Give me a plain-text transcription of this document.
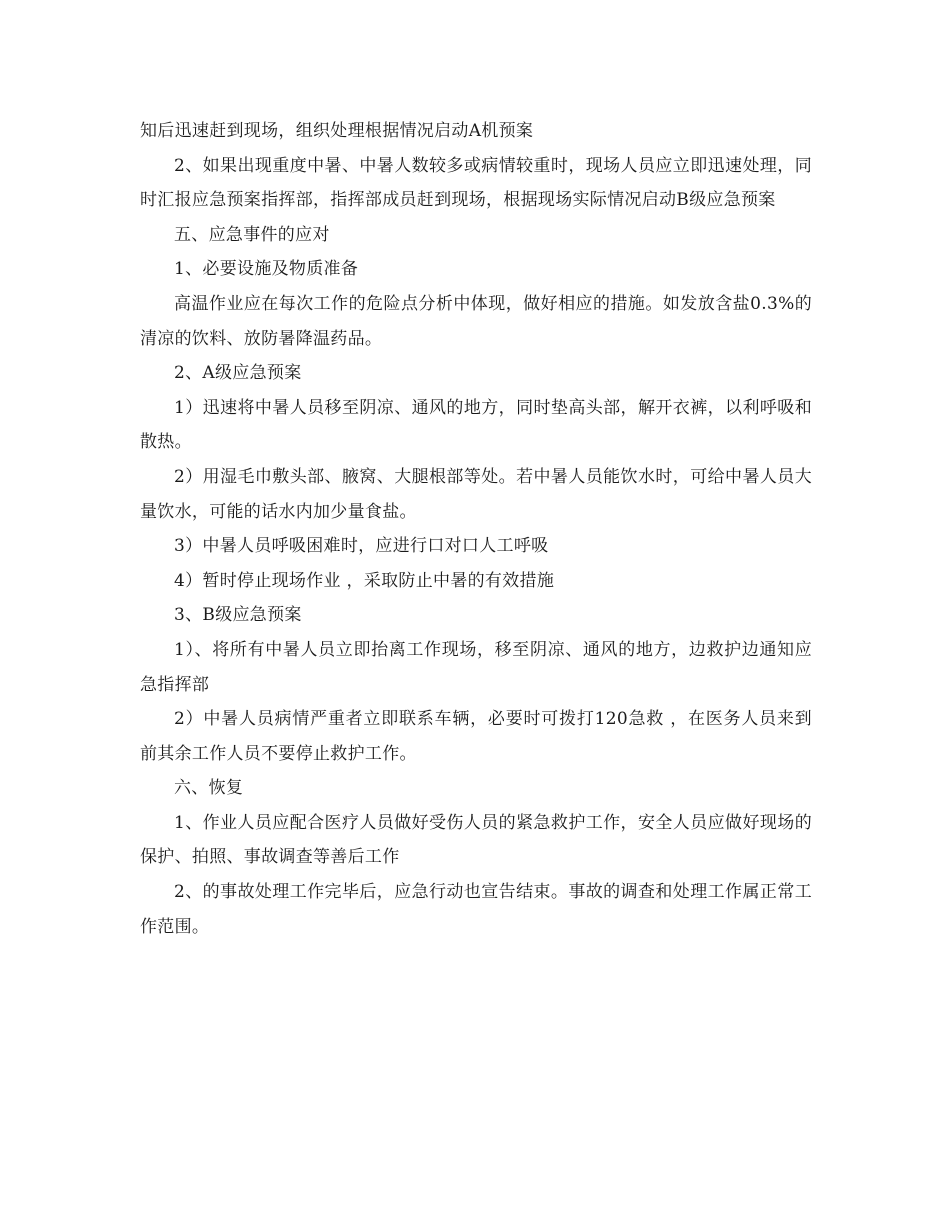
知后迅速赶到现场，组织处理根据情况启动A机预案

2、如果出现重度中暑、中暑人数较多或病情较重时，现场人员应立即迅速处理，同时汇报应急预案指挥部，指挥部成员赶到现场，根据现场实际情况启动B级应急预案

五、应急事件的应对

1、必要设施及物质准备

高温作业应在每次工作的危险点分析中体现，做好相应的措施。如发放含盐0.3%的清凉的饮料、放防暑降温药品。

2、A级应急预案

1）迅速将中暑人员移至阴凉、通风的地方，同时垫高头部，解开衣裤，以利呼吸和散热。

2）用湿毛巾敷头部、腋窝、大腿根部等处。若中暑人员能饮水时，可给中暑人员大量饮水，可能的话水内加少量食盐。

3）中暑人员呼吸困难时，应进行口对口人工呼吸

4）暂时停止现场作业 ，采取防止中暑的有效措施

3、B级应急预案

1）、将所有中暑人员立即抬离工作现场，移至阴凉、通风的地方，边救护边通知应急指挥部

2）中暑人员病情严重者立即联系车辆，必要时可拨打120急救 ，在医务人员来到前其余工作人员不要停止救护工作。

六、恢复

1、作业人员应配合医疗人员做好受伤人员的紧急救护工作，安全人员应做好现场的保护、拍照、事故调查等善后工作

2、的事故处理工作完毕后，应急行动也宣告结束。事故的调查和处理工作属正常工作范围。
